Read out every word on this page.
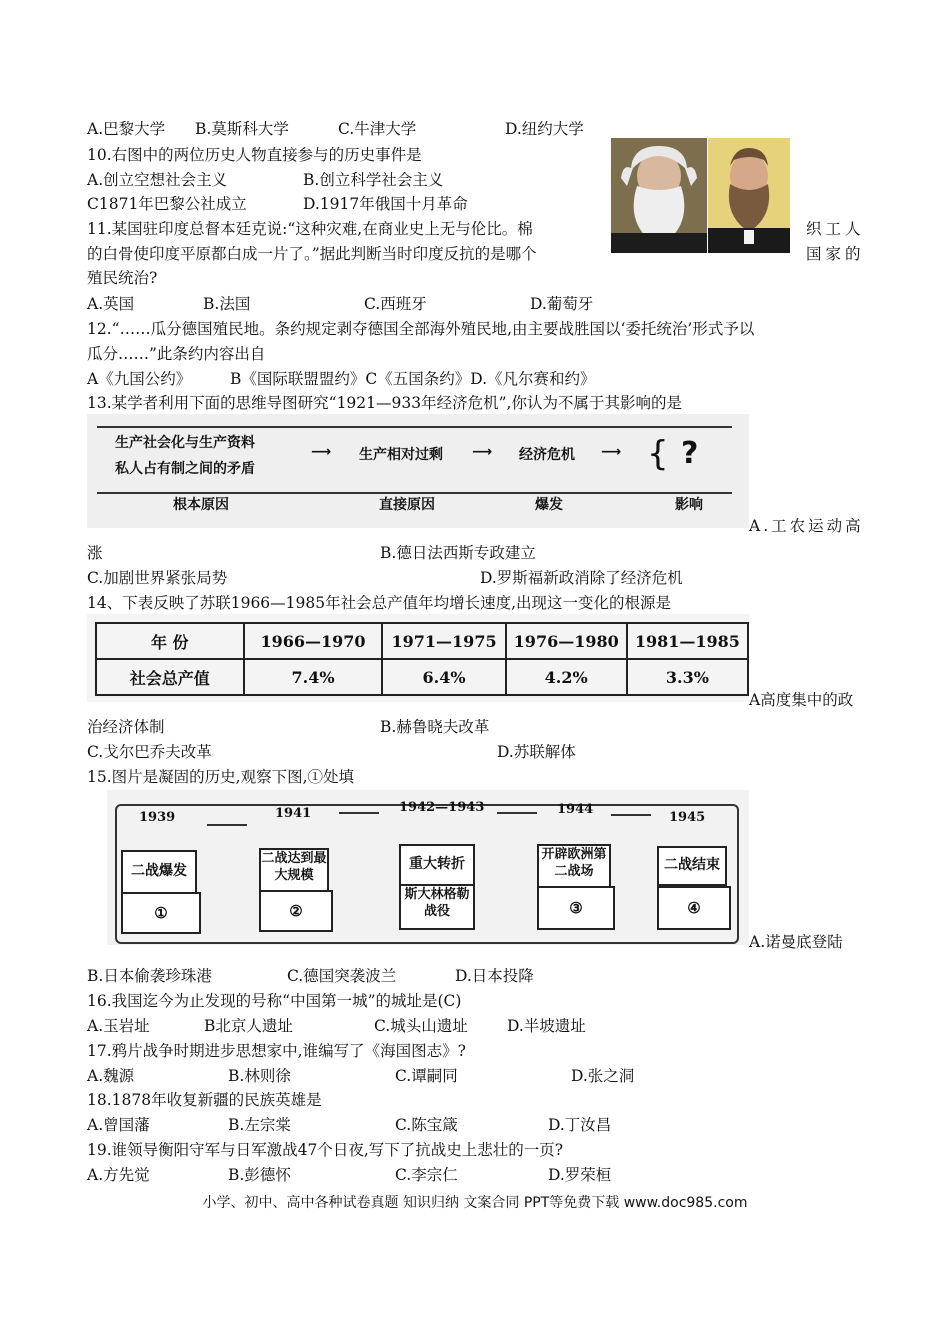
A.巴黎大学 B.莫斯科大学	C.牛津大学	D.纽约大学
10.右图中的两位历史人物直接参与的历史事件是
A.创立空想社会主义	B.创立科学社会主义
C1871年巴黎公社成立	D.1917年俄国十月革命
11.某国驻印度总督本廷克说:“这种灾难,在商业史上无与伦比。棉	织工人
的白骨使印度平原都白成一片了。”据此判断当时印度反抗的是哪个	国家的
殖民统治?
A.英国	B.法国	C.西班牙	D.葡萄牙
12.“……瓜分德国殖民地。条约规定剥夺德国全部海外殖民地,由主要战胜国以‘委托统治’形式予以
瓜分……”此条约内容出自
A《九国公约》	B《国际联盟盟约》C《五国条约》D.《凡尔赛和约》
13.某学者利用下面的思维导图研究“1921—933年经济危机”,你认为不属于其影响的是
生产社会化与生产资料
私人占有制之间的矛盾
⟶ 生产相对过剩 ⟶ 经济危机 ⟶ { ?
根本原因	直接原因	爆发	影响
A.工农运动高
涨	B.德日法西斯专政建立
C.加剧世界紧张局势	D.罗斯福新政消除了经济危机
14、下表反映了苏联1966—1985年社会总产值年均增长速度,出现这一变化的根源是
年 份	1966—1970	1971—1975	1976—1980	1981—1985
社会总产值	7.4%	6.4%	4.2%	3.3%
A高度集中的政
治经济体制	B.赫鲁晓夫改革
C.戈尔巴乔夫改革	D.苏联解体
15.图片是凝固的历史,观察下图,①处填
1939
二战爆发
①
1941
二战达到最大规模
②
1942—1943
重大转折
斯大林格勒战役
1944
开辟欧洲第二战场
③
1945
二战结束
④
A.诺曼底登陆
B.日本偷袭珍珠港	C.德国突袭波兰	D.日本投降
16.我国迄今为止发现的号称“中国第一城”的城址是(C)
A.玉岩址	B北京人遗址	C.城头山遗址	D.半坡遗址
17.鸦片战争时期进步思想家中,谁编写了《海国图志》?
A.魏源	B.林则徐	C.谭嗣同	D.张之洞
18.1878年收复新疆的民族英雄是
A.曾国藩	B.左宗棠	C.陈宝箴	D.丁汝昌
19.谁领导衡阳守军与日军激战47个日夜,写下了抗战史上悲壮的一页?
A.方先觉	B.彭德怀	C.李宗仁	D.罗荣桓
小学、初中、高中各种试卷真题 知识归纳 文案合同 PPT等免费下载 www.doc985.com
